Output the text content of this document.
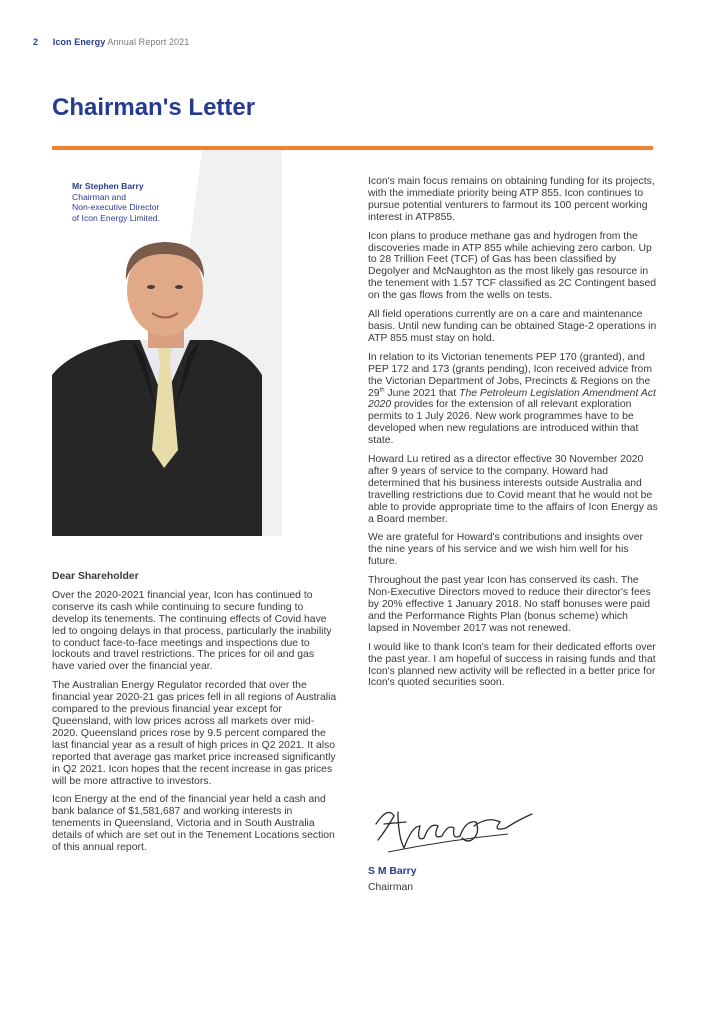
2 Icon Energy Annual Report 2021
Chairman's Letter
Mr Stephen Barry
Chairman and
Non-executive Director
of Icon Energy Limited.

Dear Shareholder

Over the 2020-2021 financial year, Icon has continued to conserve its cash while continuing to secure funding to develop its tenements. The continuing effects of Covid have led to ongoing delays in that process, particularly the inability to conduct face-to-face meetings and inspections due to lockouts and travel restrictions. The prices for oil and gas have varied over the financial year.

The Australian Energy Regulator recorded that over the financial year 2020-21 gas prices fell in all regions of Australia compared to the previous financial year except for Queensland, with low prices across all markets over mid-2020. Queensland prices rose by 9.5 percent compared the last financial year as a result of high prices in Q2 2021. It also reported that average gas market price increased significantly in Q2 2021. Icon hopes that the recent increase in gas prices will be more attractive to investors.

Icon Energy at the end of the financial year held a cash and bank balance of $1,581,687 and working interests in tenements in Queensland, Victoria and in South Australia details of which are set out in the Tenement Locations section of this annual report.

Icon's main focus remains on obtaining funding for its projects, with the immediate priority being ATP 855. Icon continues to pursue potential venturers to farmout its 100 percent working interest in ATP855.

Icon plans to produce methane gas and hydrogen from the discoveries made in ATP 855 while achieving zero carbon. Up to 28 Trillion Feet (TCF) of Gas has been classified by Degolyer and McNaughton as the most likely gas resource in the tenement with 1.57 TCF classified as 2C Contingent based on the gas flows from the wells on tests.

All field operations currently are on a care and maintenance basis. Until new funding can be obtained Stage-2 operations in ATP 855 must stay on hold.

In relation to its Victorian tenements PEP 170 (granted), and PEP 172 and 173 (grants pending), Icon received advice from the Victorian Department of Jobs, Precincts & Regions on the 29th June 2021 that The Petroleum Legislation Amendment Act 2020 provides for the extension of all relevant exploration permits to 1 July 2026. New work programmes have to be developed when new regulations are introduced within that state.

Howard Lu retired as a director effective 30 November 2020 after 9 years of service to the company. Howard had determined that his business interests outside Australia and travelling restrictions due to Covid meant that he would not be able to provide appropriate time to the affairs of Icon Energy as a Board member.

We are grateful for Howard's contributions and insights over the nine years of his service and we wish him well for his future.

Throughout the past year Icon has conserved its cash. The Non-Executive Directors moved to reduce their director's fees by 20% effective 1 January 2018. No staff bonuses were paid and the Performance Rights Plan (bonus scheme) which lapsed in November 2017 was not renewed.

I would like to thank Icon's team for their dedicated efforts over the past year. I am hopeful of success in raising funds and that Icon's planned new activity will be reflected in a better price for Icon's quoted securities soon.

S M Barry
Chairman
